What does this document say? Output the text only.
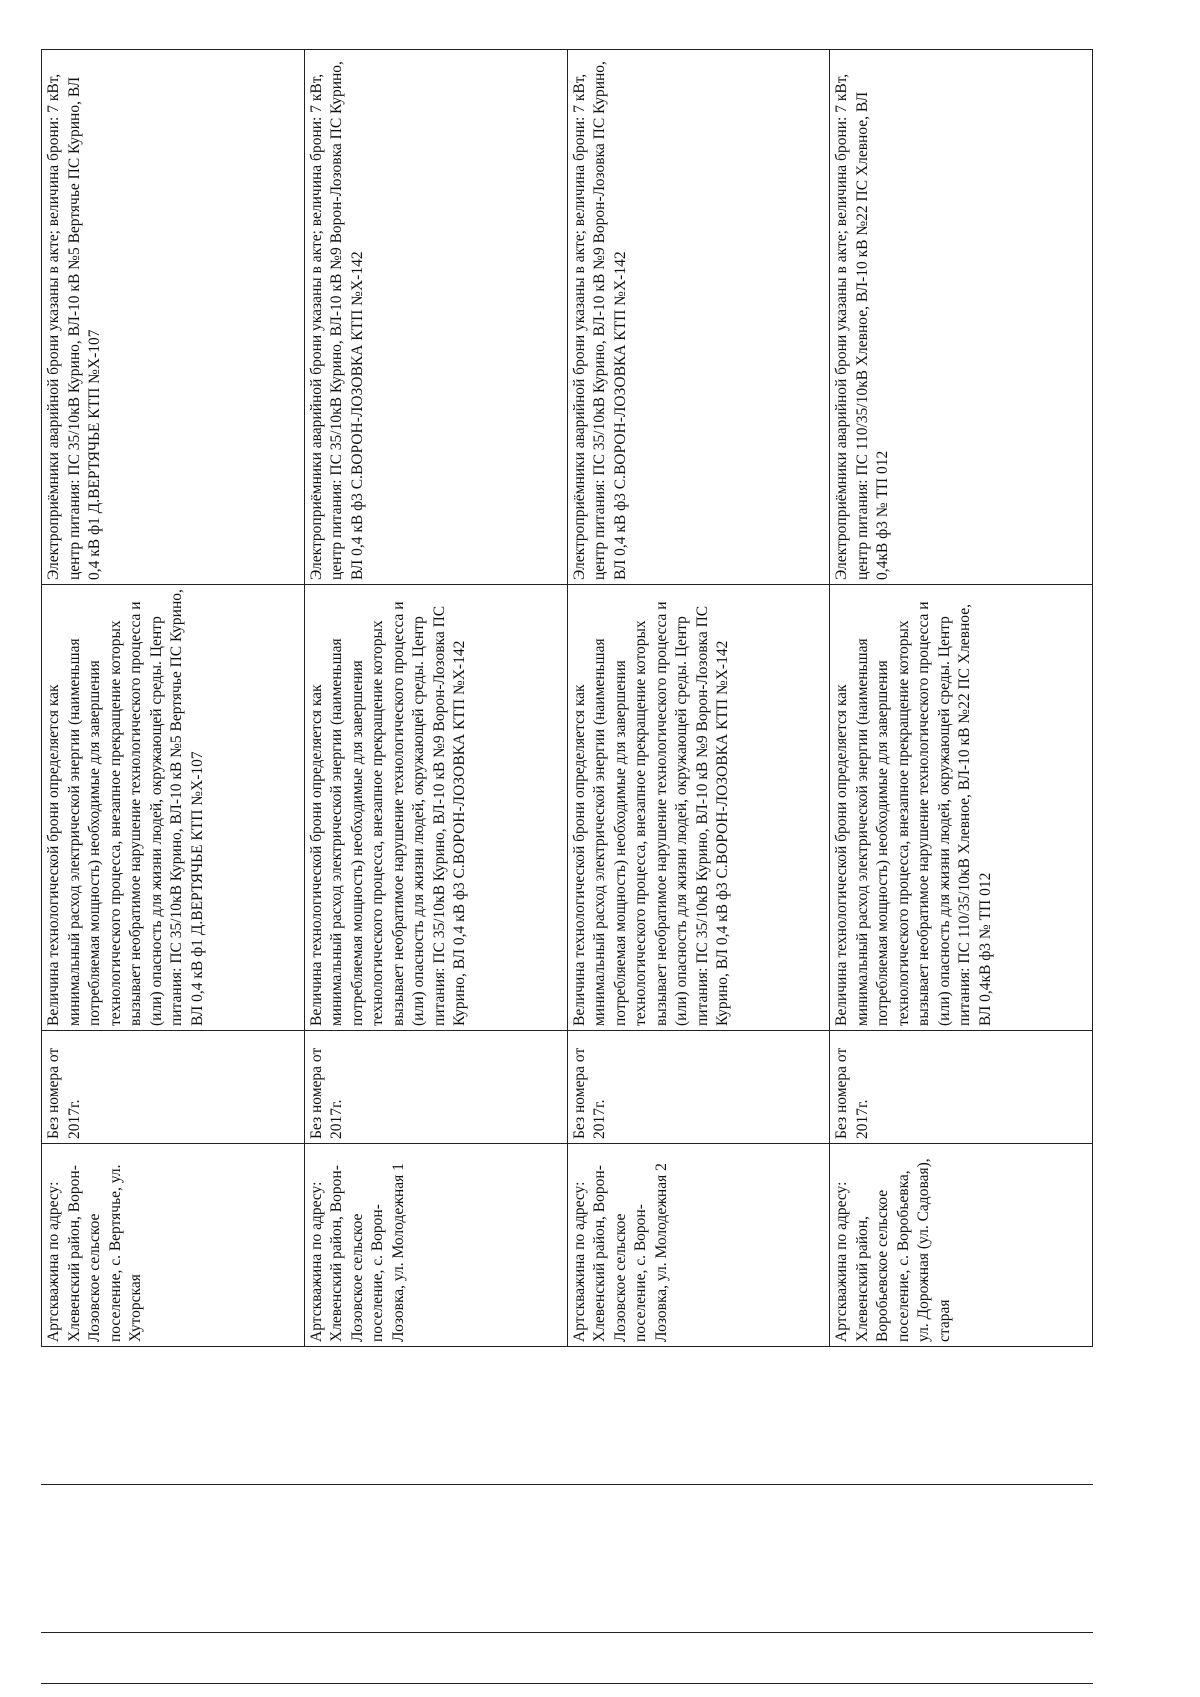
Артскважина по адресу: Хлевенский район, Ворон-Лозовское сельское поселение, с. Вертячье, ул. Хуторская	Без номера от 2017г.	Величина технологической брони определяется как минимальный расход электрической энергии (наименьшая потребляемая мощность) необходимые для завершения технологического процесса, внезапное прекращение которых вызывает необратимое нарушение технологического процесса и (или) опасность для жизни людей, окружающей среды. Центр питания: ПС 35/10кВ Курино, ВЛ-10 кВ №5 Вертячье ПС Курино, ВЛ 0,4 кВ ф1 Д.ВЕРТЯЧЬЕ КТП №Х-107	Электроприёмники аварийной брони указаны в акте; величина брони: 7 кВт, центр питания: ПС 35/10кВ Курино, ВЛ-10 кВ №5 Вертячье ПС Курино, ВЛ 0,4 кВ ф1 Д.ВЕРТЯЧЬЕ КТП №Х-107
Артскважина по адресу: Хлевенский район, Ворон-Лозовское сельское поселение, с. Ворон-Лозовка, ул. Молодежная 1	Без номера от 2017г.	Величина технологической брони определяется как минимальный расход электрической энергии (наименьшая потребляемая мощность) необходимые для завершения технологического процесса, внезапное прекращение которых вызывает необратимое нарушение технологического процесса и (или) опасность для жизни людей, окружающей среды. Центр питания: ПС 35/10кВ Курино, ВЛ-10 кВ №9 Ворон-Лозовка ПС Курино, ВЛ 0,4 кВ ф3 С.ВОРОН-ЛОЗОВКА КТП №Х-142	Электроприёмники аварийной брони указаны в акте; величина брони: 7 кВт, центр питания: ПС 35/10кВ Курино, ВЛ-10 кВ №9 Ворон-Лозовка ПС Курино, ВЛ 0,4 кВ ф3 С.ВОРОН-ЛОЗОВКА КТП №Х-142
Артскважина по адресу: Хлевенский район, Ворон-Лозовское сельское поселение, с. Ворон-Лозовка, ул. Молодежная 2	Без номера от 2017г.	Величина технологической брони определяется как минимальный расход электрической энергии (наименьшая потребляемая мощность) необходимые для завершения технологического процесса, внезапное прекращение которых вызывает необратимое нарушение технологического процесса и (или) опасность для жизни людей, окружающей среды. Центр питания: ПС 35/10кВ Курино, ВЛ-10 кВ №9 Ворон-Лозовка ПС Курино, ВЛ 0,4 кВ ф3 С.ВОРОН-ЛОЗОВКА КТП №Х-142	Электроприёмники аварийной брони указаны в акте; величина брони: 7 кВт, центр питания: ПС 35/10кВ Курино, ВЛ-10 кВ №9 Ворон-Лозовка ПС Курино, ВЛ 0,4 кВ ф3 С.ВОРОН-ЛОЗОВКА КТП №Х-142
Артскважина по адресу: Хлевенский район, Воробьевское сельское поселение, с. Воробьевка, ул. Дорожная (ул. Садовая), старая	Без номера от 2017г.	Величина технологической брони определяется как минимальный расход электрической энергии (наименьшая потребляемая мощность) необходимые для завершения технологического процесса, внезапное прекращение которых вызывает необратимое нарушение технологического процесса и (или) опасность для жизни людей, окружающей среды. Центр питания: ПС 110/35/10кВ Хлевное, ВЛ-10 кВ №22 ПС Хлевное, ВЛ 0,4кВ ф3 № ТП 012	Электроприёмники аварийной брони указаны в акте; величина брони: 7 кВт, центр питания: ПС 110/35/10кВ Хлевное, ВЛ-10 кВ №22 ПС Хлевное, ВЛ 0,4кВ ф3 № ТП 012
